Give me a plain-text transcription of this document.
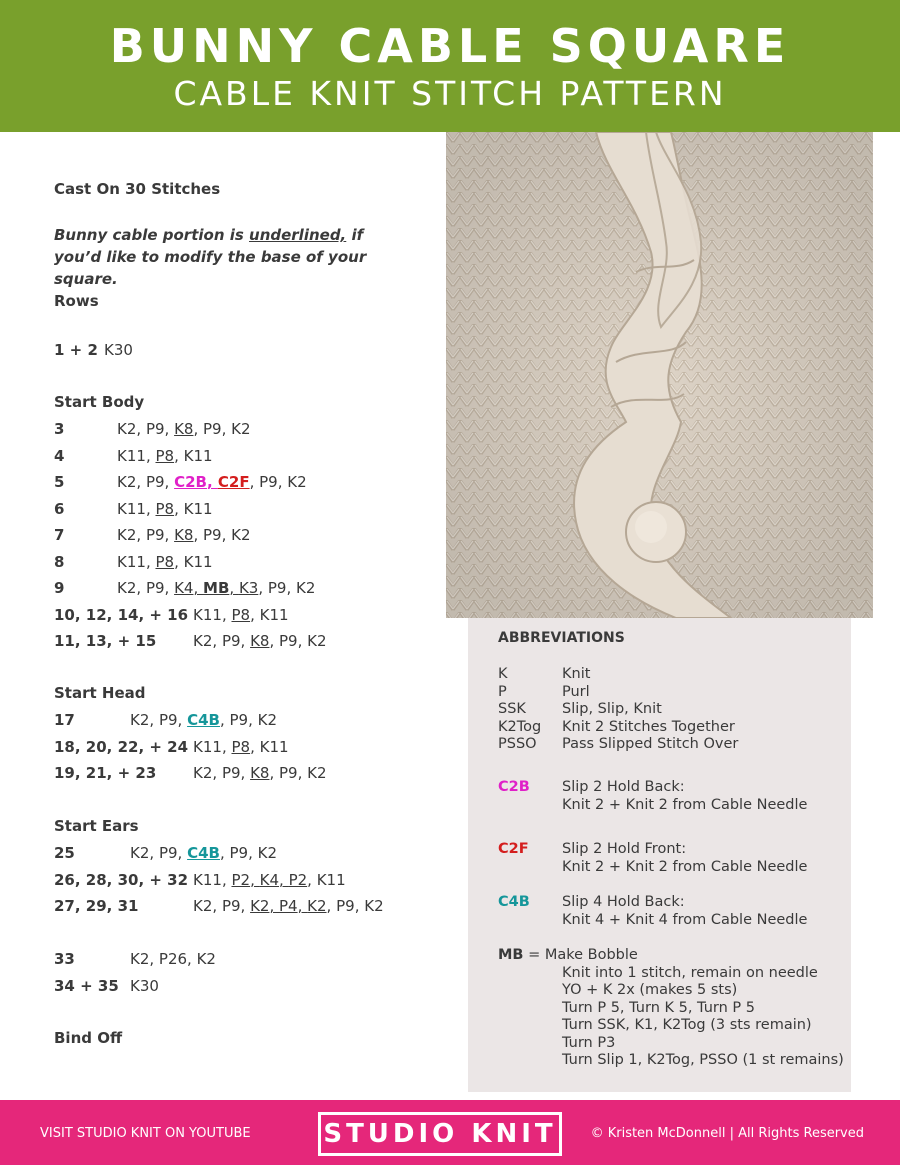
BUNNY CABLE SQUARE
CABLE KNIT STITCH PATTERN
Cast On 30 Stitches
Bunny cable portion is underlined, if you’d like to modify the base of your square.
Rows
1 + 2 K30
Start Body
3	K2, P9, K8, P9, K2
4	K11, P8, K11
5	K2, P9, C2B, C2F, P9, K2
6	K11, P8, K11
7	K2, P9, K8, P9, K2
8	K11, P8, K11
9	K2, P9, K4, MB, K3, P9, K2
10, 12, 14, + 16 K11, P8, K11
11, 13, + 15 K2, P9, K8, P9, K2
Start Head
17	K2, P9, C4B, P9, K2
18, 20, 22, + 24 K11, P8, K11
19, 21, + 23 K2, P9, K8, P9, K2
Start Ears
25	K2, P9, C4B, P9, K2
26, 28, 30, + 32 K11, P2, K4, P2, K11
27, 29, 31	K2, P9, K2, P4, K2, P9, K2
33	K2, P26, K2
34 + 35 K30
Bind Off
ABBREVIATIONS
K	Knit
P	Purl
SSK Slip, Slip, Knit
K2Tog Knit 2 Stitches Together
PSSO Pass Slipped Stitch Over
C2B Slip 2 Hold Back:
Knit 2 + Knit 2 from Cable Needle
C2F Slip 2 Hold Front:
Knit 2 + Knit 2 from Cable Needle
C4B Slip 4 Hold Back:
Knit 4 + Knit 4 from Cable Needle
MB = Make Bobble
Knit into 1 stitch, remain on needle
YO + K 2x (makes 5 sts)
Turn P 5, Turn K 5, Turn P 5
Turn SSK, K1, K2Tog (3 sts remain)
Turn P3
Turn Slip 1, K2Tog, PSSO (1 st remains)
VISIT STUDIO KNIT ON YOUTUBE	STUDIO KNIT	© Kristen McDonnell | All Rights Reserved
